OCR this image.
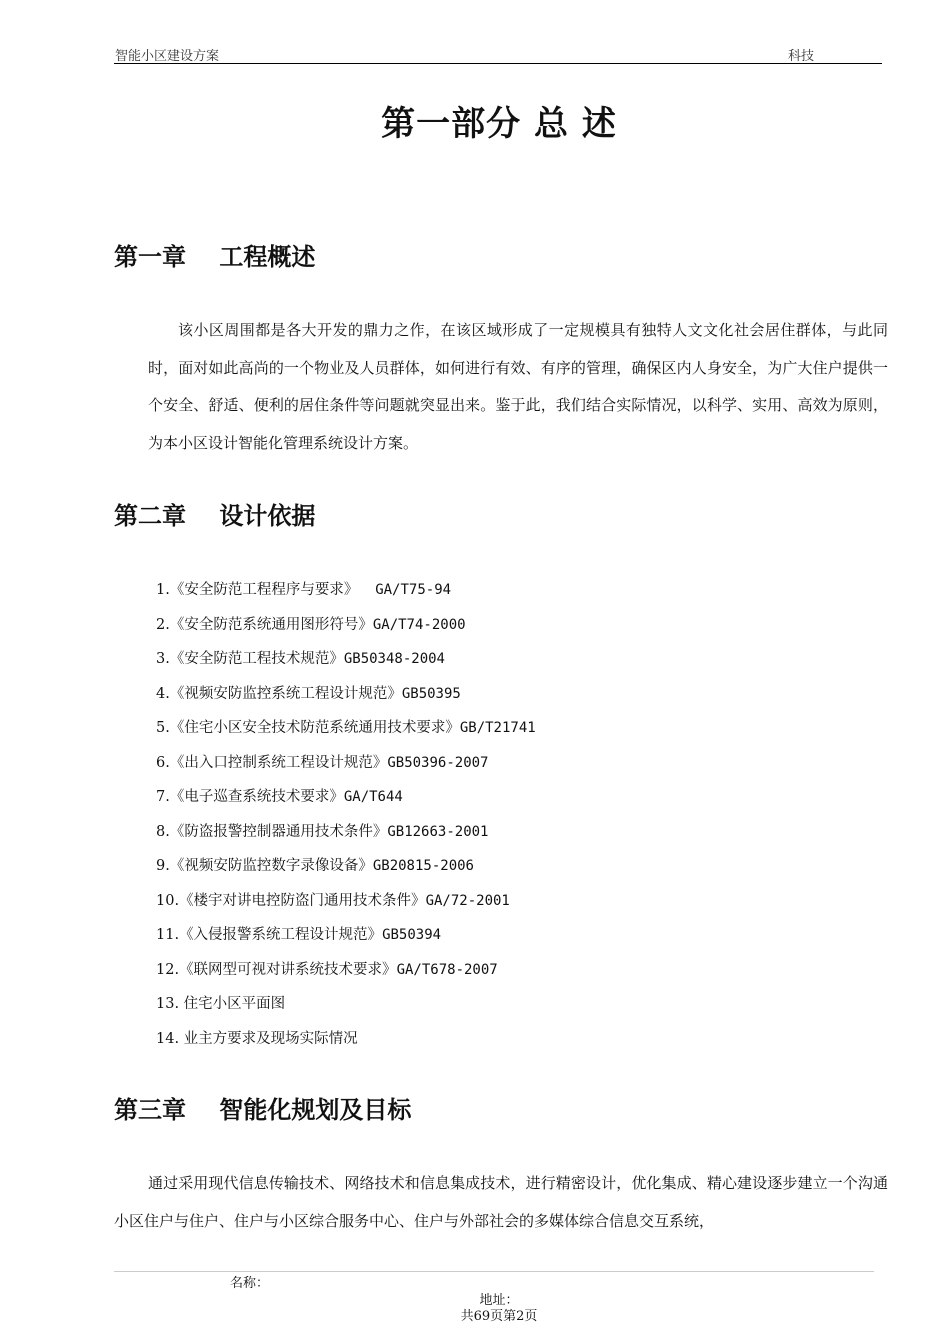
智能小区建设方案	科技
第一部分 总 述
第一章    工程概述
该小区周围都是各大开发的鼎力之作，在该区域形成了一定规模具有独特人文文化社会居住群体，与此同时，面对如此高尚的一个物业及人员群体，如何进行有效、有序的管理，确保区内人身安全，为广大住户提供一个安全、舒适、便利的居住条件等问题就突显出来。鉴于此，我们结合实际情况，以科学、实用、高效为原则，为本小区设计智能化管理系统设计方案。
第二章    设计依据
1.《安全防范工程程序与要求》  GA/T75-94
2.《安全防范系统通用图形符号》GA/T74-2000
3.《安全防范工程技术规范》GB50348-2004
4.《视频安防监控系统工程设计规范》GB50395
5.《住宅小区安全技术防范系统通用技术要求》GB/T21741
6.《出入口控制系统工程设计规范》GB50396-2007
7.《电子巡查系统技术要求》GA/T644
8.《防盗报警控制器通用技术条件》GB12663-2001
9.《视频安防监控数字录像设备》GB20815-2006
10.《楼宇对讲电控防盗门通用技术条件》GA/72-2001
11.《入侵报警系统工程设计规范》GB50394
12.《联网型可视对讲系统技术要求》GA/T678-2007
13. 住宅小区平面图
14. 业主方要求及现场实际情况
第三章    智能化规划及目标
通过采用现代信息传输技术、网络技术和信息集成技术，进行精密设计，优化集成、精心建设逐步建立一个沟通小区住户与住户、住户与小区综合服务中心、住户与外部社会的多媒体综合信息交互系统，
名称：
地址：
共69页第2页
